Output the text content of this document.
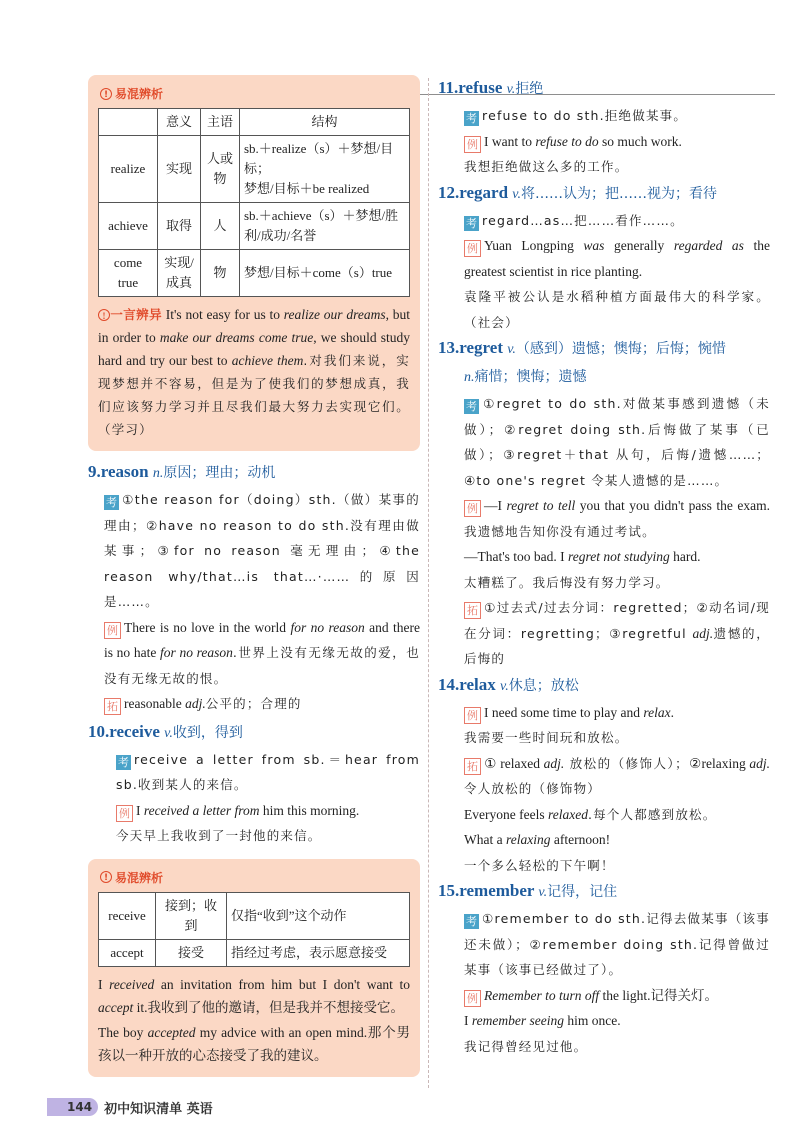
! 易混辨析
	意义	主语	结构
realize	实现	人或物	sb.＋realize（s）＋梦想/目标；
梦想/目标＋be realized
achieve	取得	人	sb.＋achieve（s）＋梦想/胜利/成功/名誉
come true	实现/成真	物	梦想/目标＋come（s）true
! 一言辨异 It's not easy for us to realize our dreams, but in order to make our dreams come true, we should study hard and try our best to achieve them.对我们来说，实现梦想并不容易，但是为了使我们的梦想成真，我们应该努力学习并且尽我们最大努力去实现它们。（学习）
9.reason n.原因；理由；动机
考 ①the reason for（doing）sth.（做）某事的理由；②have no reason to do sth.没有理由做某事；③for no reason 毫无理由；④the reason why/that…is that…·……的原因是……。
例 There is no love in the world for no reason and there is no hate for no reason.世界上没有无缘无故的爱，也没有无缘无故的恨。
拓 reasonable adj.公平的；合理的
10.receive v.收到，得到
考 receive a letter from sb.＝hear from sb.收到某人的来信。
例 I received a letter from him this morning.
今天早上我收到了一封他的来信。
! 易混辨析
receive	接到；收到	仅指“收到”这个动作
accept	接受	指经过考虑，表示愿意接受
I received an invitation from him but I don't want to accept it.我收到了他的邀请，但是我并不想接受它。
The boy accepted my advice with an open mind.那个男孩以一种开放的心态接受了我的建议。
11.refuse v.拒绝
考 refuse to do sth.拒绝做某事。
例 I want to refuse to do so much work.
我想拒绝做这么多的工作。
12.regard v.将……认为；把……视为；看待
考 regard…as…把……看作……。
例 Yuan Longping was generally regarded as the greatest scientist in rice planting.
袁隆平被公认是水稻种植方面最伟大的科学家。（社会）
13.regret v.（感到）遗憾；懊悔；后悔；惋惜
n.痛惜；懊悔；遗憾
考 ①regret to do sth.对做某事感到遗憾（未做）；②regret doing sth.后悔做了某事（已做）；③regret＋that 从句，后悔/遗憾……；④to one's regret 令某人遗憾的是……。
例 —I regret to tell you that you didn't pass the exam.我遗憾地告知你没有通过考试。
—That's too bad. I regret not studying hard.
太糟糕了。我后悔没有努力学习。
拓 ①过去式/过去分词：regretted；②动名词/现在分词：regretting；③regretful adj.遗憾的，后悔的
14.relax v.休息；放松
例 I need some time to play and relax.
我需要一些时间玩和放松。
拓 ① relaxed adj. 放松的（修饰人）；②relaxing adj.令人放松的（修饰物）
Everyone feels relaxed.每个人都感到放松。
What a relaxing afternoon!
一个多么轻松的下午啊！
15.remember v.记得，记住
考 ①remember to do sth.记得去做某事（该事还未做）；②remember doing sth.记得曾做过某事（该事已经做过了）。
例 Remember to turn off the light.记得关灯。
I remember seeing him once.
我记得曾经见过他。
144 初中知识清单 英语
